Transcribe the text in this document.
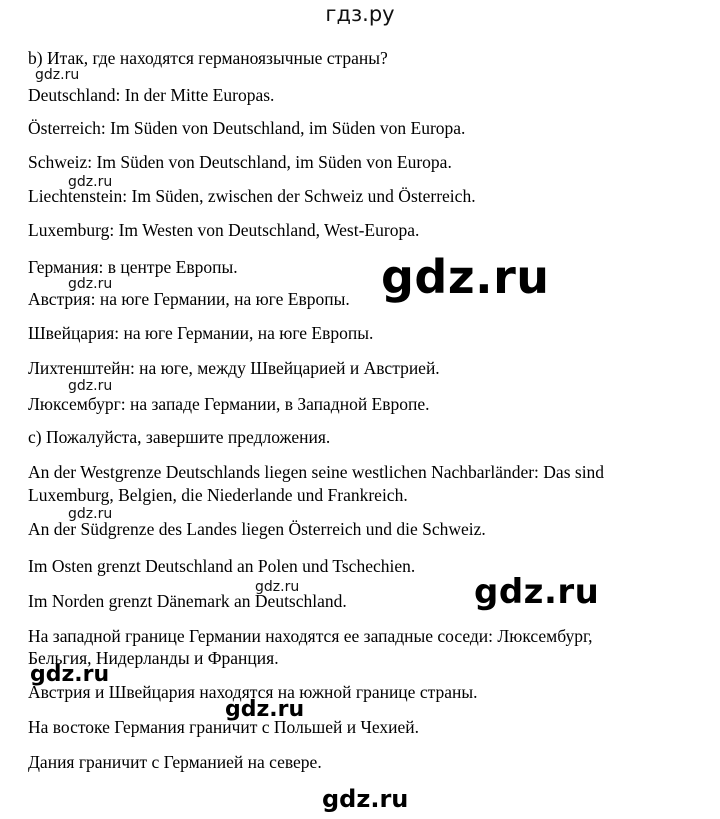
гдз.ру
b) Итак, где находятся германоязычные страны?
Deutschland: In der Mitte Europas.
Österreich: Im Süden von Deutschland, im Süden von Europa.
Schweiz: Im Süden von Deutschland, im Süden von Europa.
Liechtenstein: Im Süden, zwischen der Schweiz und Österreich.
Luxemburg: Im Westen von Deutschland, West-Europa.
Германия: в центре Европы.
Австрия: на юге Германии, на юге Европы.
Швейцария: на юге Германии, на юге Европы.
Лихтенштейн: на юге, между Швейцарией и Австрией.
Люксембург: на западе Германии, в Западной Европе.
c) Пожалуйста, завершите предложения.
An der Westgrenze Deutschlands liegen seine westlichen Nachbarländer: Das sind
Luxemburg, Belgien, die Niederlande und Frankreich.
An der Südgrenze des Landes liegen Österreich und die Schweiz.
Im Osten grenzt Deutschland an Polen und Tschechien.
Im Norden grenzt Dänemark an Deutschland.
На западной границе Германии находятся ее западные соседи: Люксембург,
Бельгия, Нидерланды и Франция.
Австрия и Швейцария находятся на южной границе страны.
На востоке Германия граничит с Польшей и Чехией.
Дания граничит с Германией на севере.
gdz.ru
gdz.ru
gdz.ru
gdz.ru
gdz.ru
gdz.ru
gdz.ru
gdz.ru
gdz.ru
gdz.ru
gdz.ru
